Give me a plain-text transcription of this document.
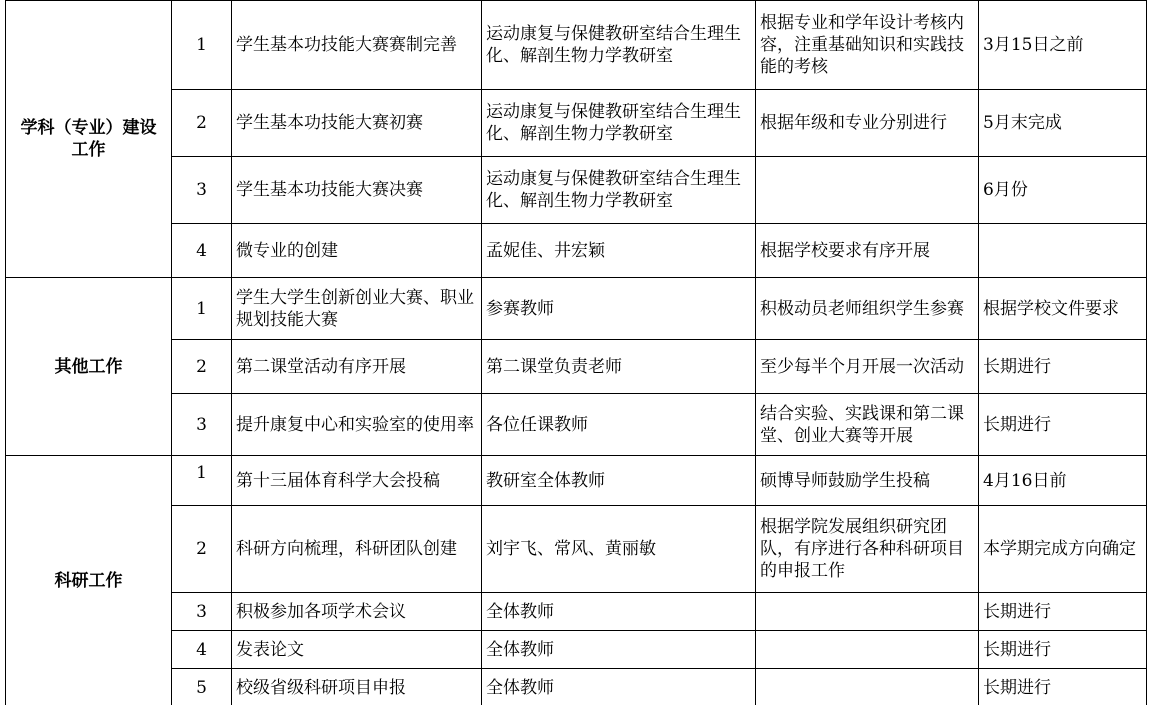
学科（专业）建设工作	1	学生基本功技能大赛赛制完善	运动康复与保健教研室结合生理生化、解剖生物力学教研室	根据专业和学年设计考核内容，注重基础知识和实践技能的考核	3月15日之前
	2	学生基本功技能大赛初赛	运动康复与保健教研室结合生理生化、解剖生物力学教研室	根据年级和专业分别进行	5月末完成
	3	学生基本功技能大赛决赛	运动康复与保健教研室结合生理生化、解剖生物力学教研室		6月份
	4	微专业的创建	孟妮佳、井宏颖	根据学校要求有序开展	
其他工作	1	学生大学生创新创业大赛、职业规划技能大赛	参赛教师	积极动员老师组织学生参赛	根据学校文件要求
	2	第二课堂活动有序开展	第二课堂负责老师	至少每半个月开展一次活动	长期进行
	3	提升康复中心和实验室的使用率	各位任课教师	结合实验、实践课和第二课堂、创业大赛等开展	长期进行
科研工作	1	第十三届体育科学大会投稿	教研室全体教师	硕博导师鼓励学生投稿	4月16日前
	2	科研方向梳理，科研团队创建	刘宇飞、常风、黄丽敏	根据学院发展组织研究团队，有序进行各种科研项目的申报工作	本学期完成方向确定
	3	积极参加各项学术会议	全体教师		长期进行
	4	发表论文	全体教师		长期进行
	5	校级省级科研项目申报	全体教师		长期进行
